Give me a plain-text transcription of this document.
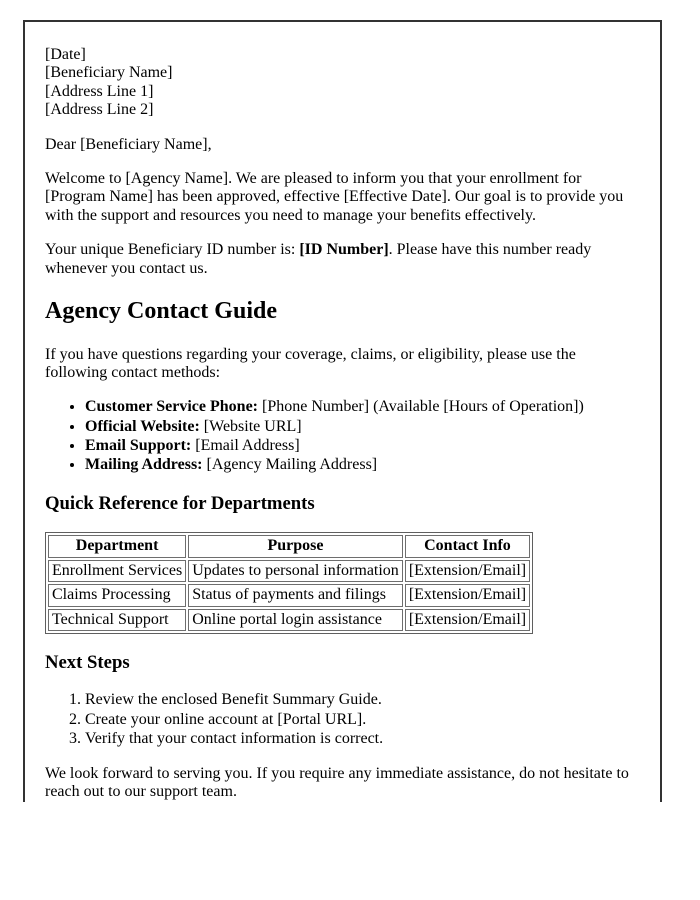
[Date]
[Beneficiary Name]
[Address Line 1]
[Address Line 2]

Dear [Beneficiary Name],

Welcome to [Agency Name]. We are pleased to inform you that your enrollment for [Program Name] has been approved, effective [Effective Date]. Our goal is to provide you with the support and resources you need to manage your benefits effectively.

Your unique Beneficiary ID number is: [ID Number]. Please have this number ready whenever you contact us.

Agency Contact Guide

If you have questions regarding your coverage, claims, or eligibility, please use the following contact methods:

• Customer Service Phone: [Phone Number] (Available [Hours of Operation])
• Official Website: [Website URL]
• Email Support: [Email Address]
• Mailing Address: [Agency Mailing Address]
Quick Reference for Departments
Department	Purpose	Contact Info
Enrollment Services	Updates to personal information	[Extension/Email]
Claims Processing	Status of payments and filings	[Extension/Email]
Technical Support	Online portal login assistance	[Extension/Email]
Next Steps
1. Review the enclosed Benefit Summary Guide.
2. Create your online account at [Portal URL].
3. Verify that your contact information is correct.

We look forward to serving you. If you require any immediate assistance, do not hesitate to reach out to our support team.
